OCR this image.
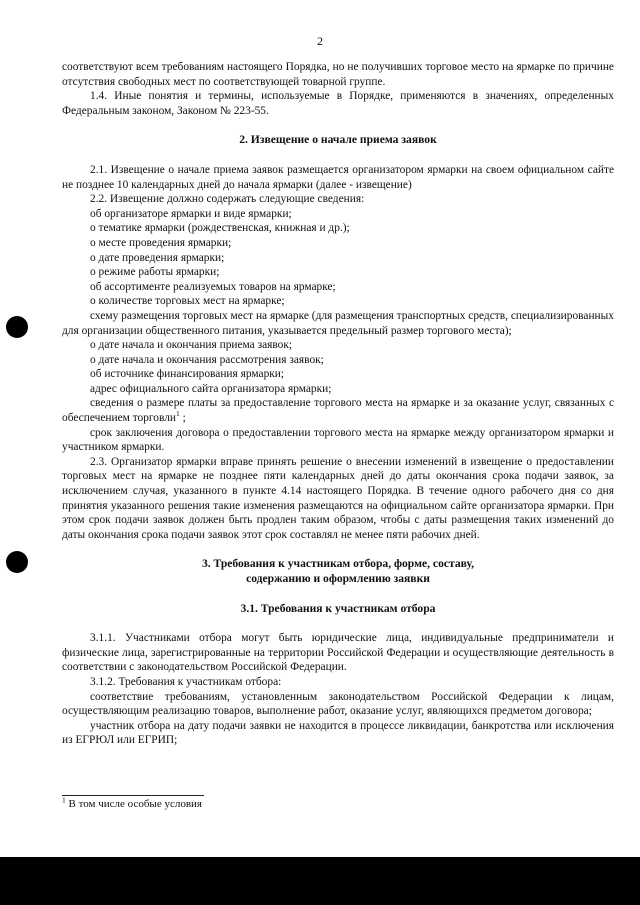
2

соответствуют всем требованиям настоящего Порядка, но не получивших торговое место на ярмарке по причине отсутствия свободных мест по соответствующей товарной группе.

1.4. Иные понятия и термины, используемые в Порядке, применяются в значениях, определенных Федеральным законом, Законом № 223-55.

2. Извещение о начале приема заявок

2.1. Извещение о начале приема заявок размещается организатором ярмарки на своем официальном сайте не позднее 10 календарных дней до начала ярмарки (далее - извещение)

2.2. Извещение должно содержать следующие сведения:

об организаторе ярмарки и виде ярмарки;

о тематике ярмарки (рождественская, книжная и др.);

о месте проведения ярмарки;

о дате проведения ярмарки;

о режиме работы ярмарки;

об ассортименте реализуемых товаров на ярмарке;

о количестве торговых мест на ярмарке;

схему размещения торговых мест на ярмарке (для размещения транспортных средств, специализированных для организации общественного питания, указывается предельный размер торгового места);

о дате начала и окончания приема заявок;

о дате начала и окончания рассмотрения заявок;

об источнике финансирования ярмарки;

адрес официального сайта организатора ярмарки;

сведения о размере платы за предоставление торгового места на ярмарке и за оказание услуг, связанных с обеспечением торговли$^1$ ;

срок заключения договора о предоставлении торгового места на ярмарке между организатором ярмарки и участником ярмарки.

2.3. Организатор ярмарки вправе принять решение о внесении изменений в извещение о предоставлении торговых мест на ярмарке не позднее пяти календарных дней до даты окончания срока подачи заявок, за исключением случая, указанного в пункте 4.14 настоящего Порядка. В течение одного рабочего дня со дня принятия указанного решения такие изменения размещаются на официальном сайте организатора ярмарки. При этом срок подачи заявок должен быть продлен таким образом, чтобы с даты размещения таких изменений до даты окончания срока подачи заявок этот срок составлял не менее пяти рабочих дней.

3. Требования к участникам отбора, форме, составу,
содержанию и оформлению заявки
3.1. Требования к участникам отбора

3.1.1. Участниками отбора могут быть юридические лица, индивидуальные предприниматели и физические лица, зарегистрированные на территории Российской Федерации и осуществляющие деятельность в соответствии с законодательством Российской Федерации.

3.1.2. Требования к участникам отбора:

соответствие требованиям, установленным законодательством Российской Федерации к лицам, осуществляющим реализацию товаров, выполнение работ, оказание услуг, являющихся предметом договора;

участник отбора на дату подачи заявки не находится в процессе ликвидации, банкротства или исключения из ЕГРЮЛ или ЕГРИП;

$^1$ В том числе особые условия
